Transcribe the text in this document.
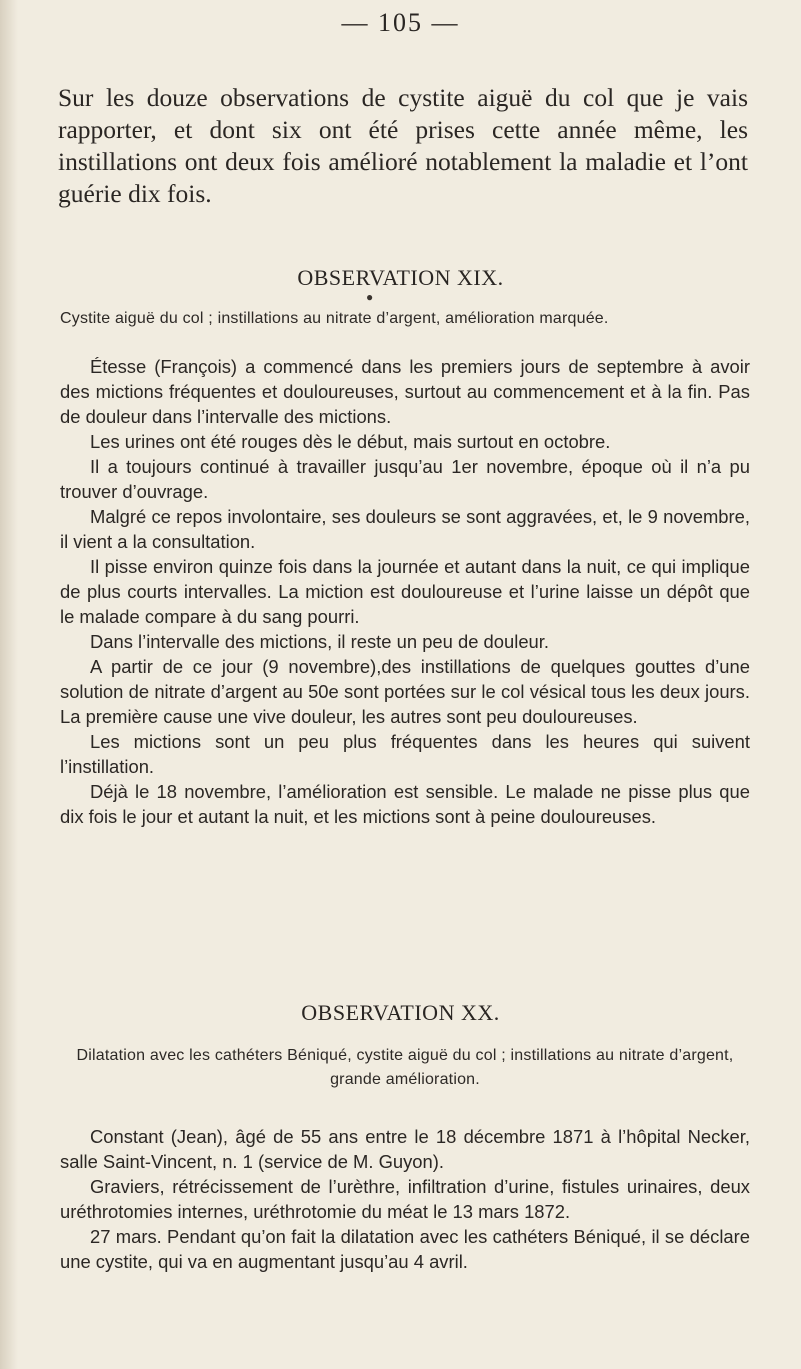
— 105 —

Sur les douze observations de cystite aiguë du col que je vais rapporter, et dont six ont été prises cette année même, les instillations ont deux fois amélioré notablement la maladie et l’ont guérie dix fois.

OBSERVATION XIX.
●
Cystite aiguë du col ; instillations au nitrate d’argent, amélioration marquée.

Étesse (François) a commencé dans les premiers jours de septembre à avoir des mictions fréquentes et douloureuses, surtout au commencement et à la fin. Pas de douleur dans l’intervalle des mictions.

Les urines ont été rouges dès le début, mais surtout en octobre.

Il a toujours continué à travailler jusqu’au 1er novembre, époque où il n’a pu trouver d’ouvrage.

Malgré ce repos involontaire, ses douleurs se sont aggravées, et, le 9 novembre, il vient a la consultation.

Il pisse environ quinze fois dans la journée et autant dans la nuit, ce qui implique de plus courts intervalles. La miction est douloureuse et l’urine laisse un dépôt que le malade compare à du sang pourri.

Dans l’intervalle des mictions, il reste un peu de douleur.

A partir de ce jour (9 novembre),des instillations de quelques gouttes d’une solution de nitrate d’argent au 50e sont portées sur le col vésical tous les deux jours. La première cause une vive douleur, les autres sont peu douloureuses.

Les mictions sont un peu plus fréquentes dans les heures qui suivent l’instillation.

Déjà le 18 novembre, l’amélioration est sensible. Le malade ne pisse plus que dix fois le jour et autant la nuit, et les mictions sont à peine douloureuses.

OBSERVATION XX.
Dilatation avec les cathéters Béniqué, cystite aiguë du col ; instillations au nitrate d’argent, grande amélioration.

Constant (Jean), âgé de 55 ans entre le 18 décembre 1871 à l’hôpital Necker, salle Saint-Vincent, n. 1 (service de M. Guyon).

Graviers, rétrécissement de l’urèthre, infiltration d’urine, fistules urinaires, deux uréthrotomies internes, uréthrotomie du méat le 13 mars 1872.

27 mars. Pendant qu’on fait la dilatation avec les cathéters Béniqué, il se déclare une cystite, qui va en augmentant jusqu’au 4 avril.
